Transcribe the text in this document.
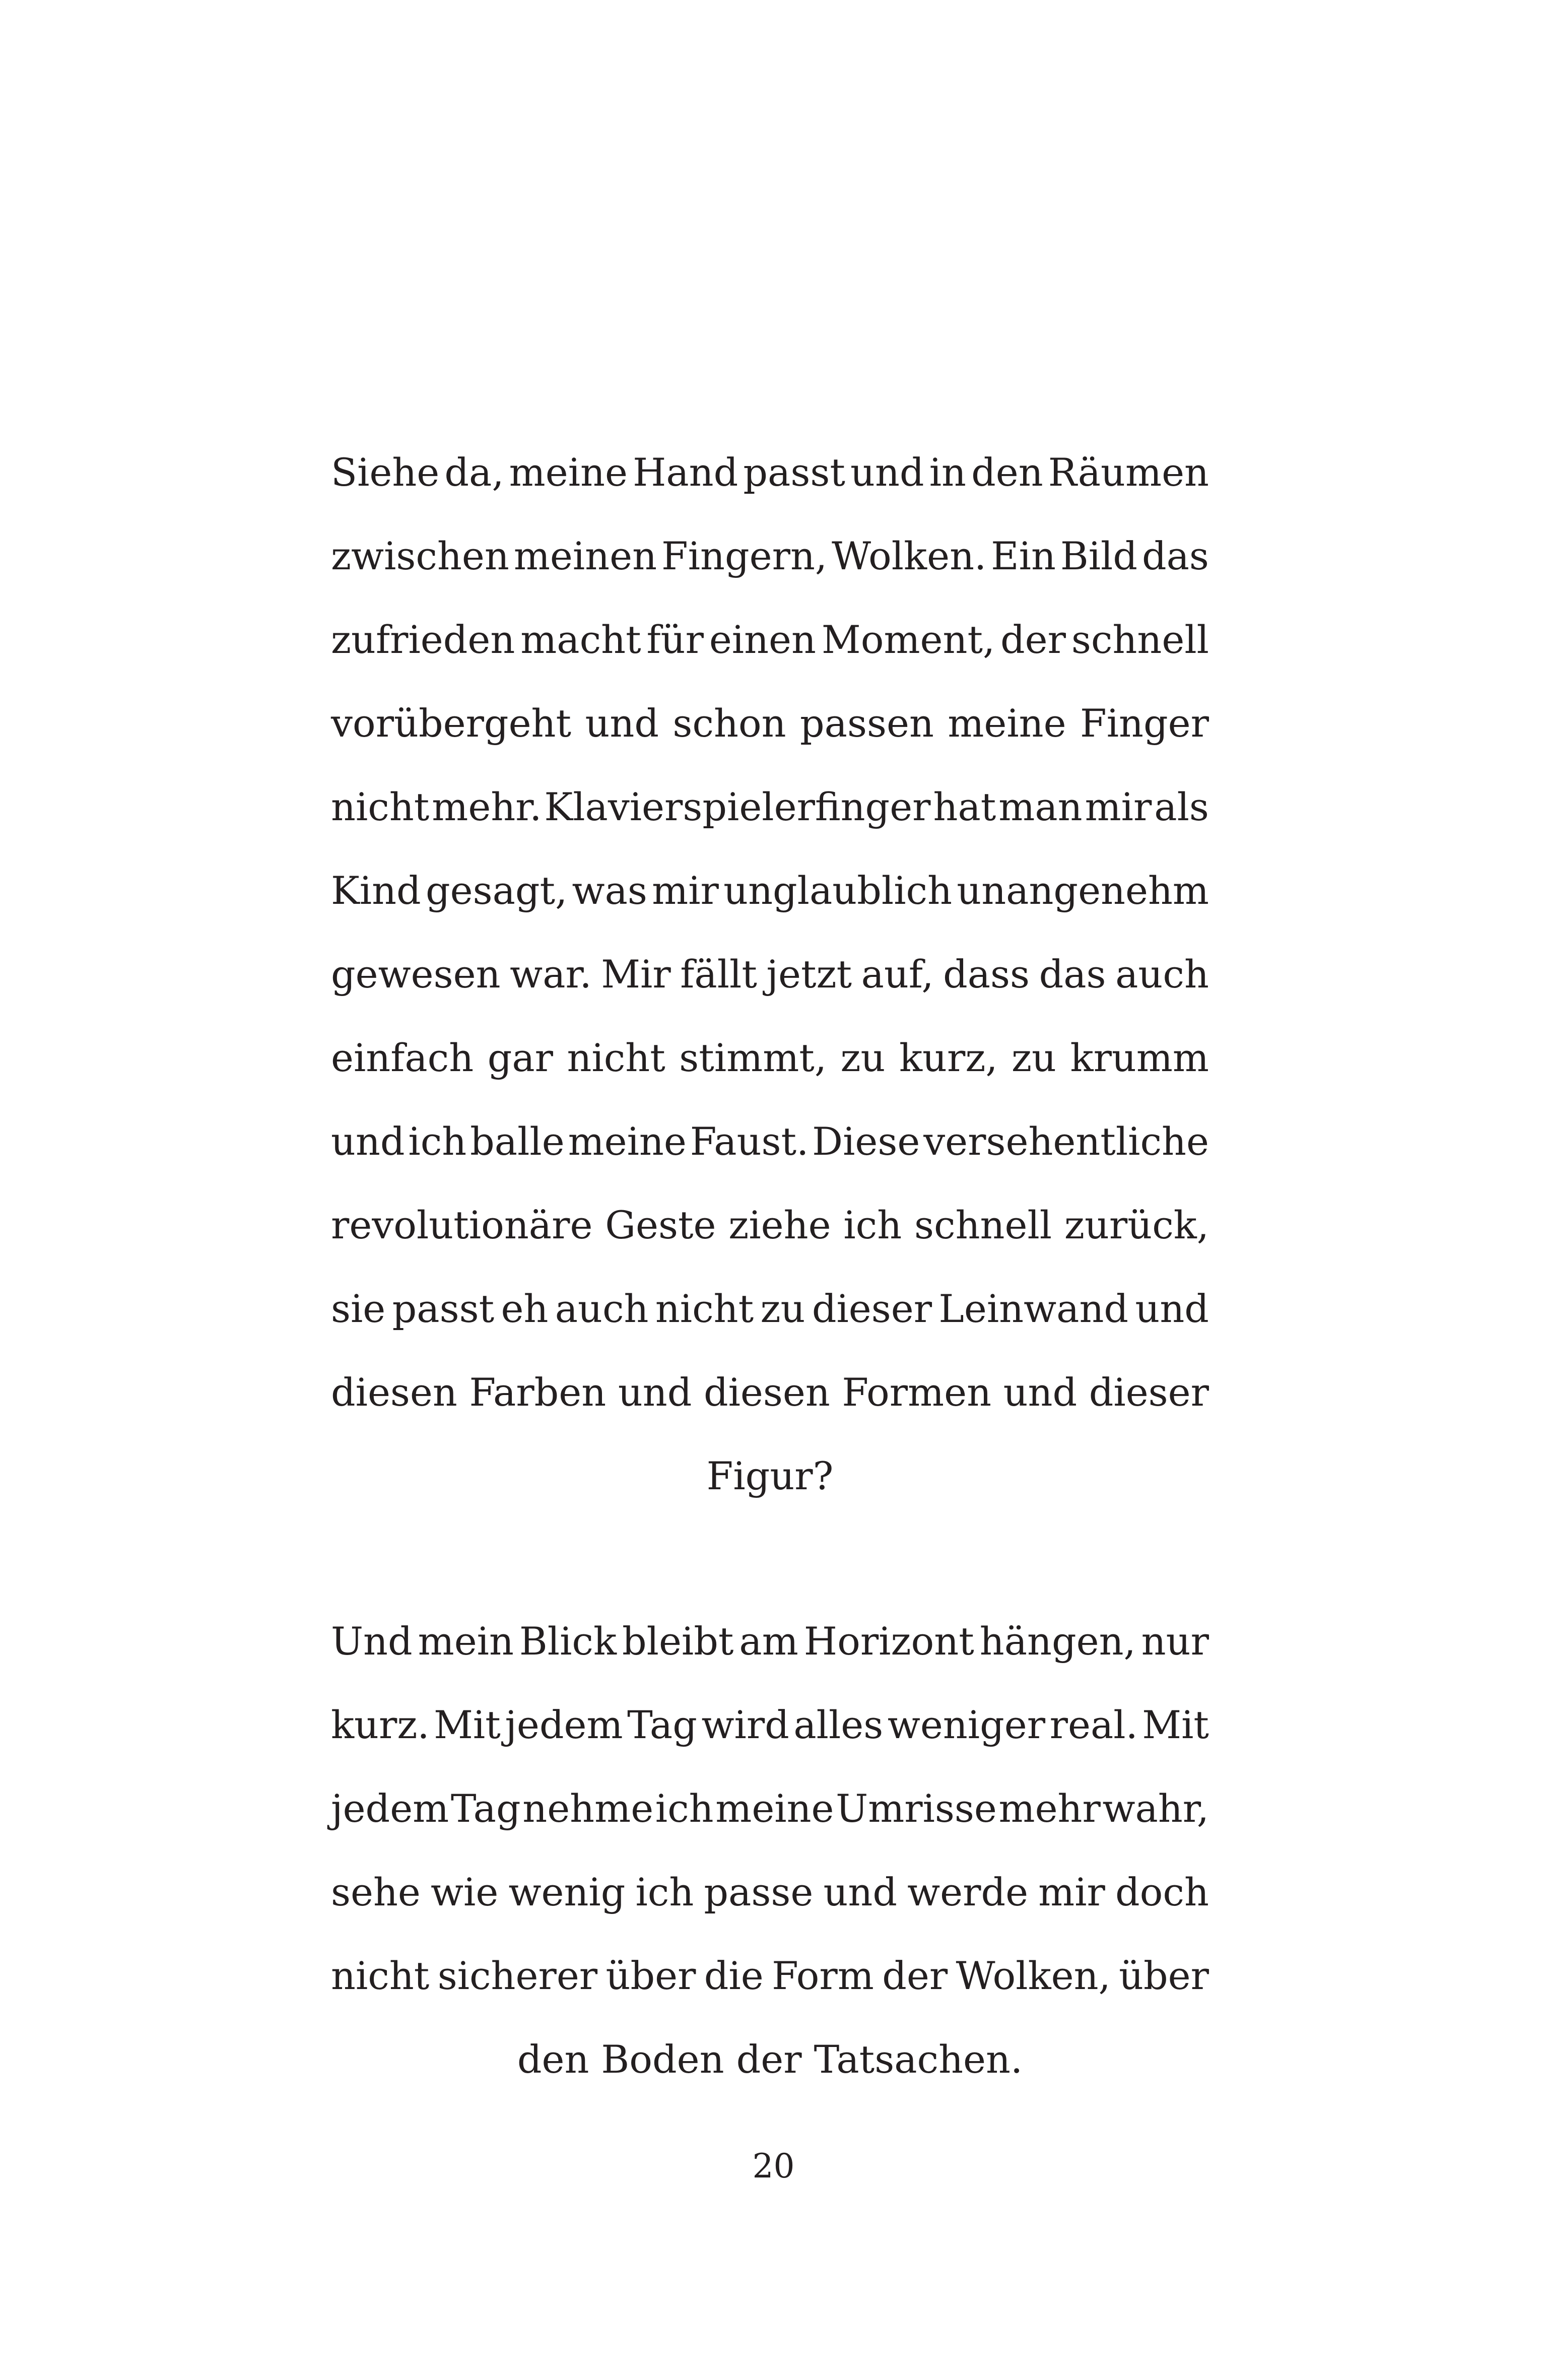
Siehe da, meine Hand passt und in den Räumen
zwischen meinen Fingern, Wolken. Ein Bild das
zufrieden macht für einen Moment, der schnell
vorübergeht und schon passen meine Finger
nicht mehr. Klavierspielerfinger hat man mir als
Kind gesagt, was mir unglaublich unangenehm
gewesen war. Mir fällt jetzt auf, dass das auch
einfach gar nicht stimmt, zu kurz, zu krumm
und ich balle meine Faust. Diese versehentliche
revolutionäre Geste ziehe ich schnell zurück,
sie passt eh auch nicht zu dieser Leinwand und
diesen Farben und diesen Formen und dieser
Figur?
Und mein Blick bleibt am Horizont hängen, nur
kurz. Mit jedem Tag wird alles weniger real. Mit
jedem Tag nehme ich meine Umrisse mehr wahr,
sehe wie wenig ich passe und werde mir doch
nicht sicherer über die Form der Wolken, über
den Boden der Tatsachen.
20
